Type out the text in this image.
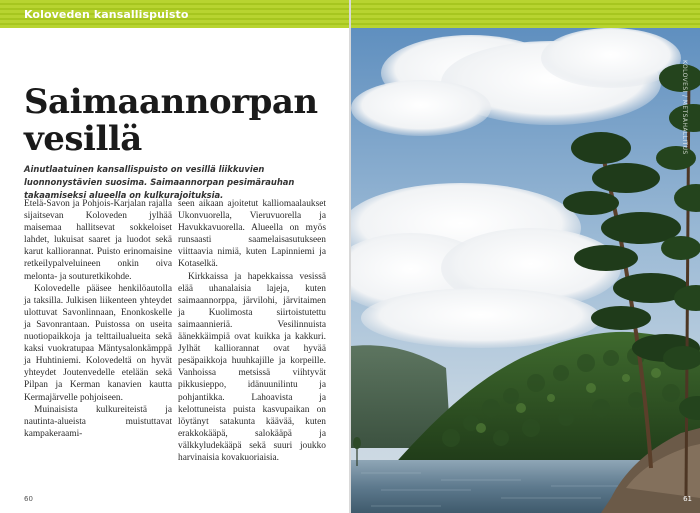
Koloveden kansallispuisto
Saimaannorpan vesillä

Ainutlaatuinen kansallispuisto on vesillä liikkuvien luonnonystävien suosima. Saimaannorpan pesimärauhan takaamiseksi alueella on kulkurajoituksia.

Etelä-Savon ja Pohjois-Karjalan rajalla sijaitsevan Koloveden jylhää maisemaa hallitsevat sokkeloiset lahdet, lukuisat saaret ja luodot sekä karut kalliorannat. Puisto erinomaisine retkeilypalveluineen onkin oiva melonta- ja souturetkikohde.

Kolovedelle pääsee henkilöautolla ja taksilla. Julkisen liikenteen yhteydet ulottuvat Savonlinnaan, Enonkoskelle ja Savonrantaan. Puistossa on useita nuotiopaikkoja ja telttailualueita sekä kaksi vuokratupaa Mäntysalonkämppä ja Huhtiniemi. Kolovedeltä on hyvät yhteydet Joutenvedelle etelään sekä Pilpan ja Kerman kanavien kautta Kermajärvelle pohjoiseen.

Muinaisista kulkureiteistä ja nautinta-alueista muistuttavat kampakeraami-

seen aikaan ajoitetut kalliomaalaukset Ukonvuorella, Vieruvuorella ja Havukkavuorella. Alueella on myös runsaasti saamelaisasutukseen viittaavia nimiä, kuten Lapinniemi ja Kotaselkä.

Kirkkaissa ja hapekkaissa vesissä elää uhanalaisia lajeja, kuten saimaannorppa, järvilohi, järvitaimen ja Kuolimosta siirtoistutettu saimaannieriä. Vesilinnuista äänekkäimpiä ovat kuikka ja kakkuri. Jylhät kalliorannat ovat hyvää pesäpaikkoja huuhkajille ja korpeille. Vanhoissa metsissä viihtyvät pikkusieppo, idänuunilintu ja pohjantikka. Lahoavista ja kelottuneista puista kasvupaikan on löytänyt satakunta käävää, kuten erakkokääpä, salokääpä ja välkkyludekääpä sekä suuri joukko harvinaisia kovakuoriaisia.

60
KOLOVESI / METSÄHALLITUS
61
